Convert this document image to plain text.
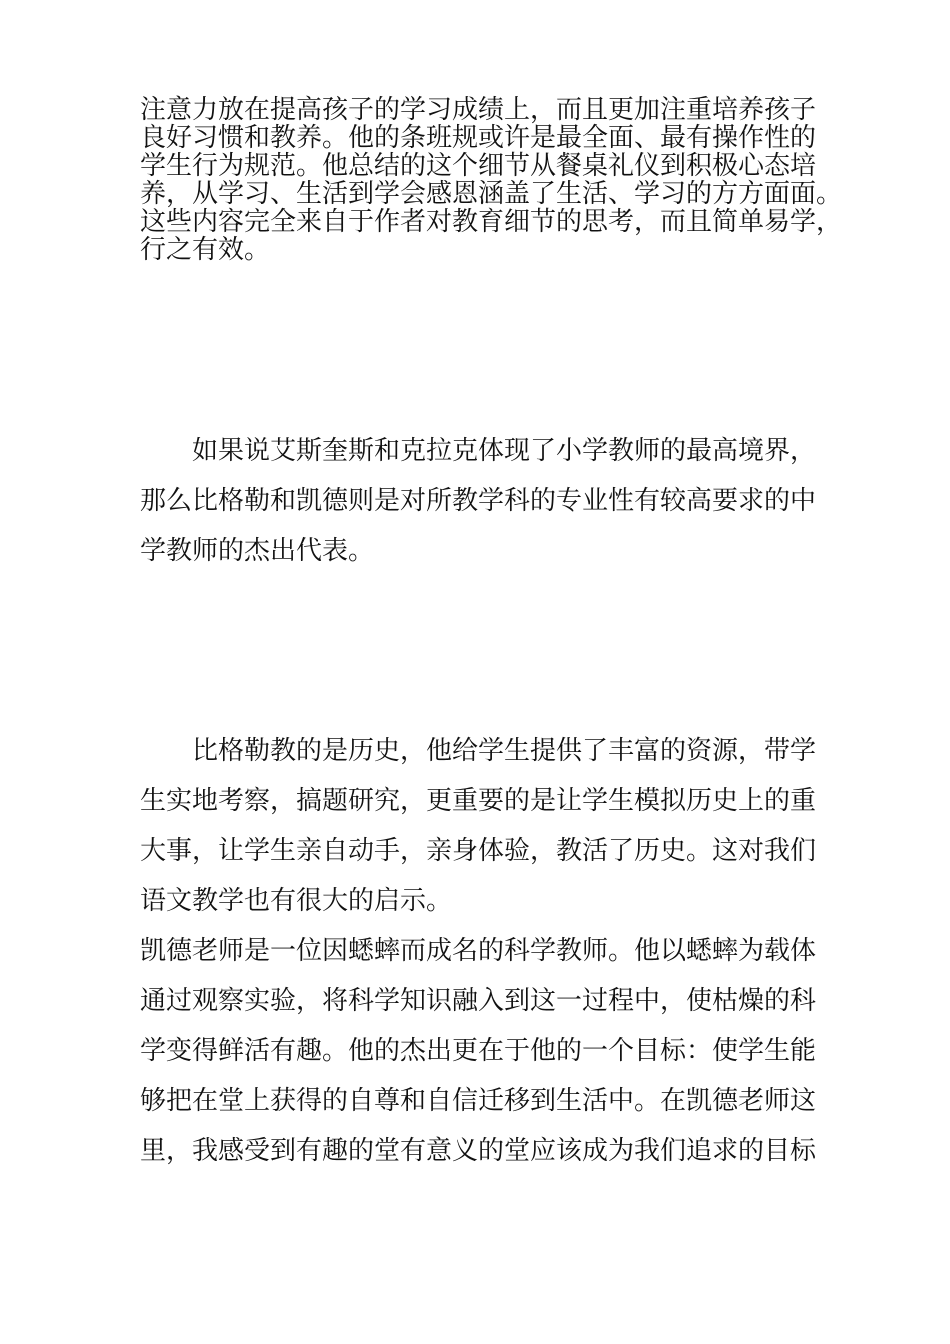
注意力放在提高孩子的学习成绩上，而且更加注重培养孩子
良好习惯和教养。他的条班规或许是最全面、最有操作性的
学生行为规范。他总结的这个细节从餐桌礼仪到积极心态培
养，从学习、生活到学会感恩涵盖了生活、学习的方方面面。
这些内容完全来自于作者对教育细节的思考，而且简单易学，
行之有效。
如果说艾斯奎斯和克拉克体现了小学教师的最高境界，
那么比格勒和凯德则是对所教学科的专业性有较高要求的中
学教师的杰出代表。
比格勒教的是历史，他给学生提供了丰富的资源，带学
生实地考察，搞题研究，更重要的是让学生模拟历史上的重
大事，让学生亲自动手，亲身体验，教活了历史。这对我们
语文教学也有很大的启示。
凯德老师是一位因蟋蟀而成名的科学教师。他以蟋蟀为载体
通过观察实验，将科学知识融入到这一过程中，使枯燥的科
学变得鲜活有趣。他的杰出更在于他的一个目标：使学生能
够把在堂上获得的自尊和自信迁移到生活中。在凯德老师这
里，我感受到有趣的堂有意义的堂应该成为我们追求的目标
